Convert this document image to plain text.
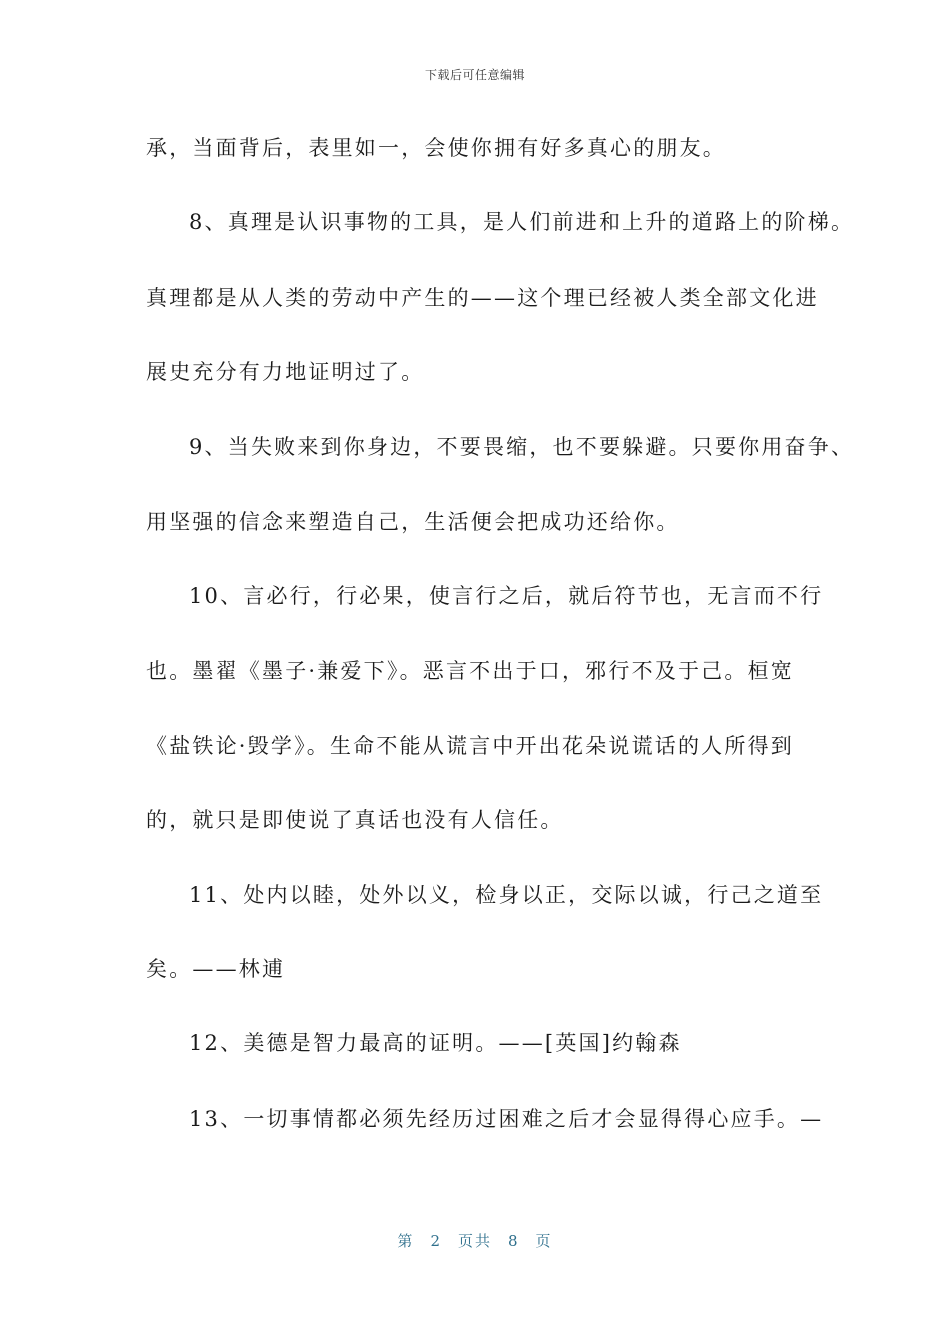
下载后可任意编辑
承，当面背后，表里如一，会使你拥有好多真心的朋友。
8、真理是认识事物的工具，是人们前进和上升的道路上的阶梯。
真理都是从人类的劳动中产生的——这个理已经被人类全部文化进
展史充分有力地证明过了。
9、当失败来到你身边，不要畏缩，也不要躲避。只要你用奋争、
用坚强的信念来塑造自己，生活便会把成功还给你。
10、言必行，行必果，使言行之后，就后符节也，无言而不行
也。墨翟《墨子·兼爱下》。恶言不出于口，邪行不及于己。桓宽
《盐铁论·毁学》。生命不能从谎言中开出花朵说谎话的人所得到
的，就只是即使说了真话也没有人信任。
11、处内以睦，处外以义，检身以正，交际以诚，行己之道至
矣。——林逋
12、美德是智力最高的证明。——[英国]约翰森
13、一切事情都必须先经历过困难之后才会显得得心应手。—
第 2 页共 8 页
